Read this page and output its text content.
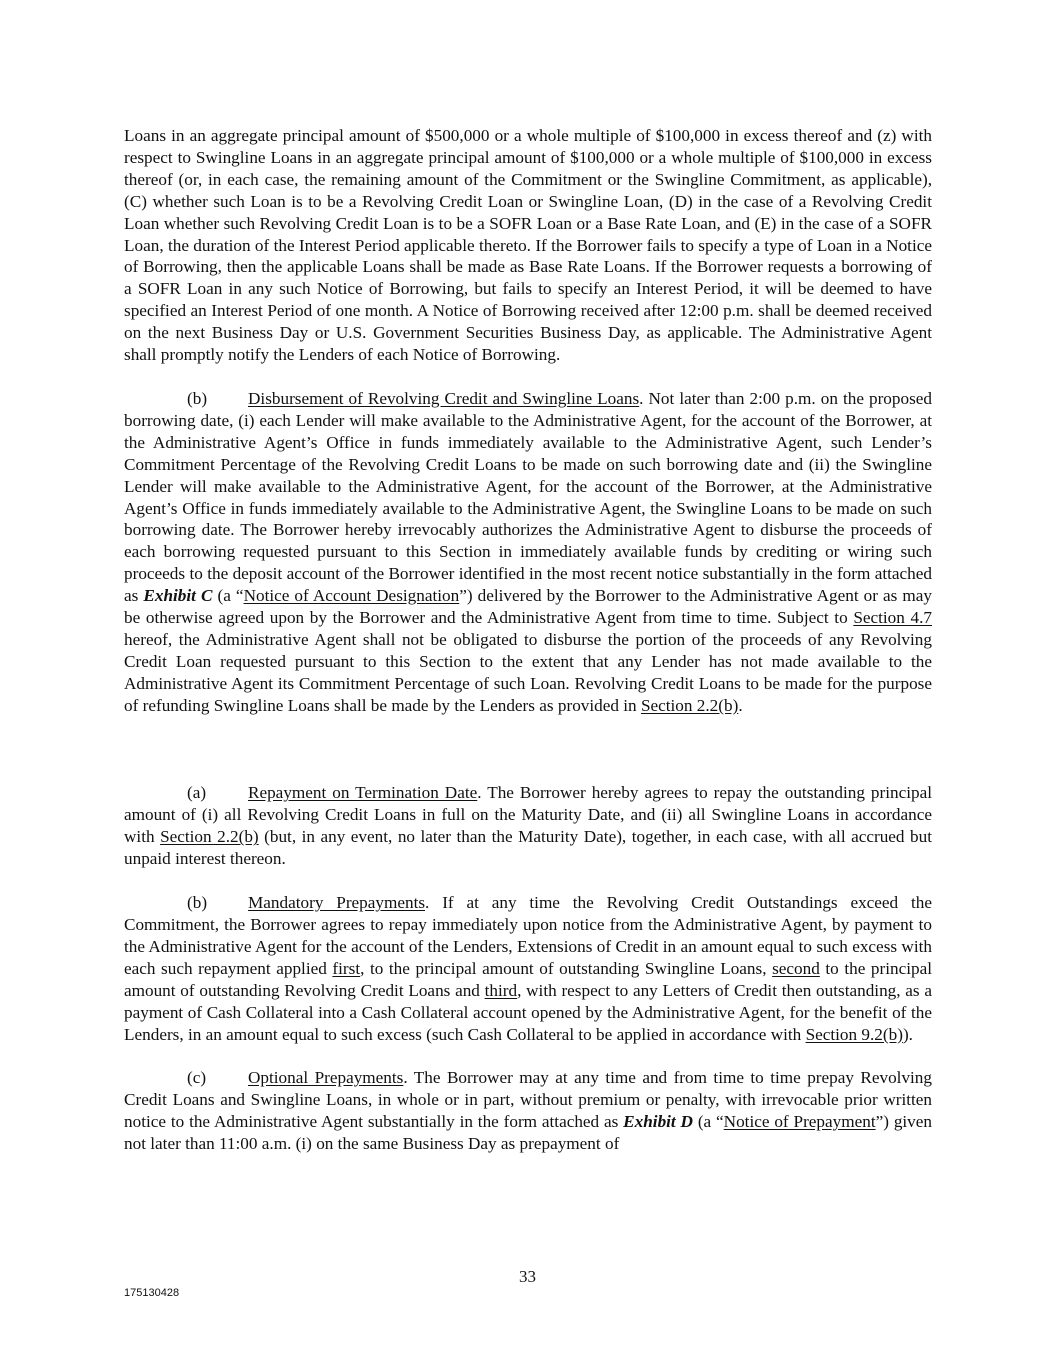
Loans in an aggregate principal amount of $500,000 or a whole multiple of $100,000 in excess thereof and (z) with respect to Swingline Loans in an aggregate principal amount of $100,000 or a whole multiple of $100,000 in excess thereof (or, in each case, the remaining amount of the Commitment or the Swingline Commitment, as applicable), (C) whether such Loan is to be a Revolving Credit Loan or Swingline Loan, (D) in the case of a Revolving Credit Loan whether such Revolving Credit Loan is to be a SOFR Loan or a Base Rate Loan, and (E) in the case of a SOFR Loan, the duration of the Interest Period applicable thereto. If the Borrower fails to specify a type of Loan in a Notice of Borrowing, then the applicable Loans shall be made as Base Rate Loans. If the Borrower requests a borrowing of a SOFR Loan in any such Notice of Borrowing, but fails to specify an Interest Period, it will be deemed to have specified an Interest Period of one month. A Notice of Borrowing received after 12:00 p.m. shall be deemed received on the next Business Day or U.S. Government Securities Business Day, as applicable. The Administrative Agent shall promptly notify the Lenders of each Notice of Borrowing.

(b) Disbursement of Revolving Credit and Swingline Loans. Not later than 2:00 p.m. on the proposed borrowing date, (i) each Lender will make available to the Administrative Agent, for the account of the Borrower, at the Administrative Agent’s Office in funds immediately available to the Administrative Agent, such Lender’s Commitment Percentage of the Revolving Credit Loans to be made on such borrowing date and (ii) the Swingline Lender will make available to the Administrative Agent, for the account of the Borrower, at the Administrative Agent’s Office in funds immediately available to the Administrative Agent, the Swingline Loans to be made on such borrowing date. The Borrower hereby irrevocably authorizes the Administrative Agent to disburse the proceeds of each borrowing requested pursuant to this Section in immediately available funds by crediting or wiring such proceeds to the deposit account of the Borrower identified in the most recent notice substantially in the form attached as Exhibit C (a “Notice of Account Designation”) delivered by the Borrower to the Administrative Agent or as may be otherwise agreed upon by the Borrower and the Administrative Agent from time to time. Subject to Section 4.7 hereof, the Administrative Agent shall not be obligated to disburse the portion of the proceeds of any Revolving Credit Loan requested pursuant to this Section to the extent that any Lender has not made available to the Administrative Agent its Commitment Percentage of such Loan. Revolving Credit Loans to be made for the purpose of refunding Swingline Loans shall be made by the Lenders as provided in Section 2.2(b).

(a) Repayment on Termination Date. The Borrower hereby agrees to repay the outstanding principal amount of (i) all Revolving Credit Loans in full on the Maturity Date, and (ii) all Swingline Loans in accordance with Section 2.2(b) (but, in any event, no later than the Maturity Date), together, in each case, with all accrued but unpaid interest thereon.

(b) Mandatory Prepayments. If at any time the Revolving Credit Outstandings exceed the Commitment, the Borrower agrees to repay immediately upon notice from the Administrative Agent, by payment to the Administrative Agent for the account of the Lenders, Extensions of Credit in an amount equal to such excess with each such repayment applied first, to the principal amount of outstanding Swingline Loans, second to the principal amount of outstanding Revolving Credit Loans and third, with respect to any Letters of Credit then outstanding, as a payment of Cash Collateral into a Cash Collateral account opened by the Administrative Agent, for the benefit of the Lenders, in an amount equal to such excess (such Cash Collateral to be applied in accordance with Section 9.2(b)).

(c) Optional Prepayments. The Borrower may at any time and from time to time prepay Revolving Credit Loans and Swingline Loans, in whole or in part, without premium or penalty, with irrevocable prior written notice to the Administrative Agent substantially in the form attached as Exhibit D (a “Notice of Prepayment”) given not later than 11:00 a.m. (i) on the same Business Day as prepayment of

33
175130428
